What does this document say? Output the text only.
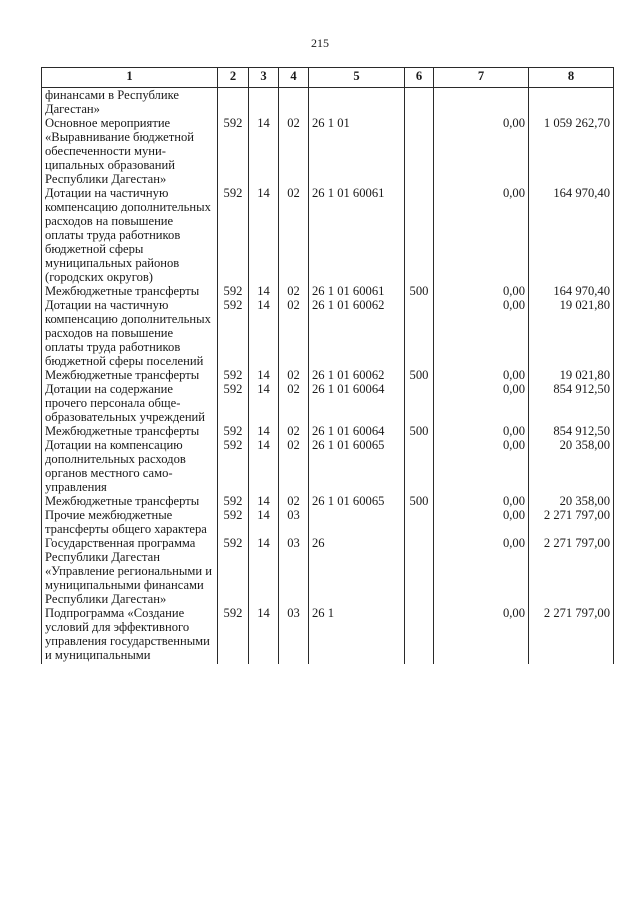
215
1	2	3	4	5	6	7	8
финансами в Республике Дагестан»							
Основное мероприятие «Выравнивание бюджетной обеспеченности муниципальных образований Республики Дагестан»	592	14	02	26 1 01		0,00	1 059 262,70
Дотации на частичную компенсацию дополнительных расходов на повышение оплаты труда работников бюджетной сферы муниципальных районов (городских округов)	592	14	02	26 1 01 60061		0,00	164 970,40
Межбюджетные трансферты	592	14	02	26 1 01 60061	500	0,00	164 970,40
Дотации на частичную компенсацию дополнительных расходов на повышение оплаты труда работников бюджетной сферы поселений	592	14	02	26 1 01 60062		0,00	19 021,80
Межбюджетные трансферты	592	14	02	26 1 01 60062	500	0,00	19 021,80
Дотации на содержание прочего персонала общеобразовательных учреждений	592	14	02	26 1 01 60064		0,00	854 912,50
Межбюджетные трансферты	592	14	02	26 1 01 60064	500	0,00	854 912,50
Дотации на компенсацию дополнительных расходов органов местного самоуправления	592	14	02	26 1 01 60065		0,00	20 358,00
Межбюджетные трансферты	592	14	02	26 1 01 60065	500	0,00	20 358,00
Прочие межбюджетные трансферты общего характера	592	14	03			0,00	2 271 797,00
Государственная программа Республики Дагестан «Управление региональными и муниципальными финансами Республики Дагестан»	592	14	03	26		0,00	2 271 797,00
Подпрограмма «Создание условий для эффективного управления государственными и муниципальными	592	14	03	26 1		0,00	2 271 797,00
